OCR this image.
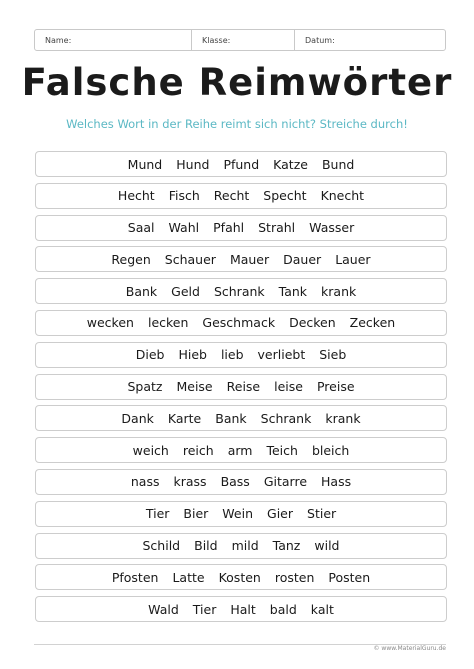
Name:	Klasse:	Datum:
Falsche Reimwörter
Welches Wort in der Reihe reimt sich nicht? Streiche durch!
Mund Hund Pfund Katze Bund
Hecht Fisch Recht Specht Knecht
Saal Wahl Pfahl Strahl Wasser
Regen Schauer Mauer Dauer Lauer
Bank Geld Schrank Tank krank
wecken lecken Geschmack Decken Zecken
Dieb Hieb lieb verliebt Sieb
Spatz Meise Reise leise Preise
Dank Karte Bank Schrank krank
weich reich arm Teich bleich
nass krass Bass Gitarre Hass
Tier Bier Wein Gier Stier
Schild Bild mild Tanz wild
Pfosten Latte Kosten rosten Posten
Wald Tier Halt bald kalt
© www.MaterialGuru.de
